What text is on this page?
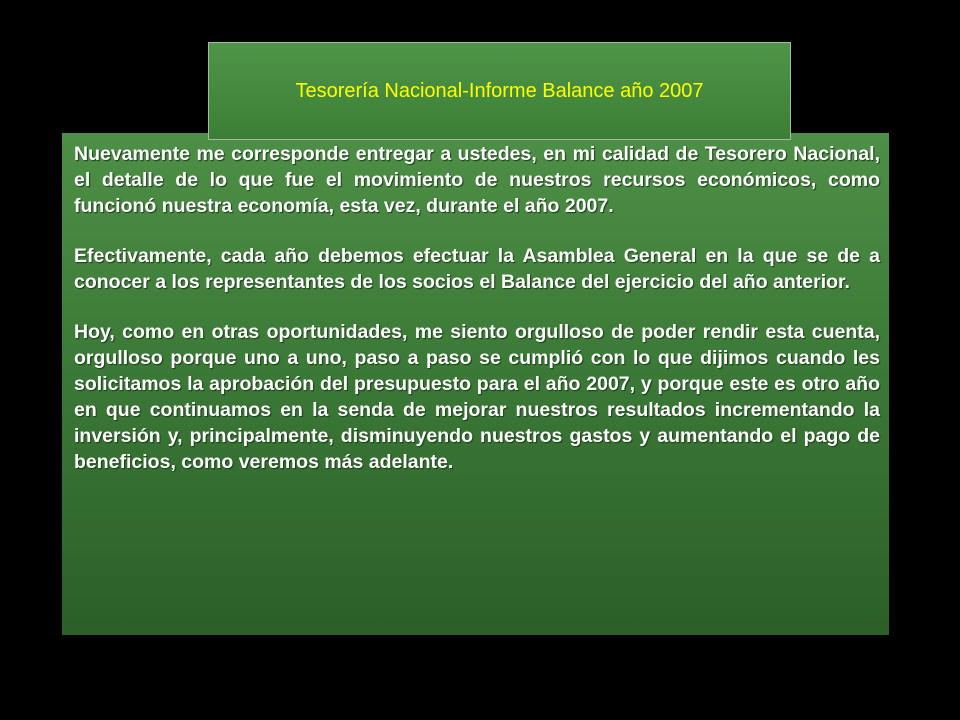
Nuevamente me corresponde entregar a ustedes, en mi calidad de Tesorero Nacional, el detalle de lo que fue el movimiento de nuestros recursos económicos, como funcionó nuestra economía, esta vez, durante el año 2007.

Efectivamente, cada año debemos efectuar la Asamblea General en la que se de a conocer a los representantes de los socios el Balance del ejercicio del año anterior.

Hoy, como en otras oportunidades, me siento orgulloso de poder rendir esta cuenta, orgulloso porque uno a uno, paso a paso se cumplió con lo que dijimos cuando les solicitamos la aprobación del presupuesto para el año 2007, y porque este es otro año en que continuamos en la senda de mejorar nuestros resultados incrementando la inversión y, principalmente, disminuyendo nuestros gastos y aumentando el pago de beneficios, como veremos más adelante.

Tesorería Nacional-Informe Balance año 2007
